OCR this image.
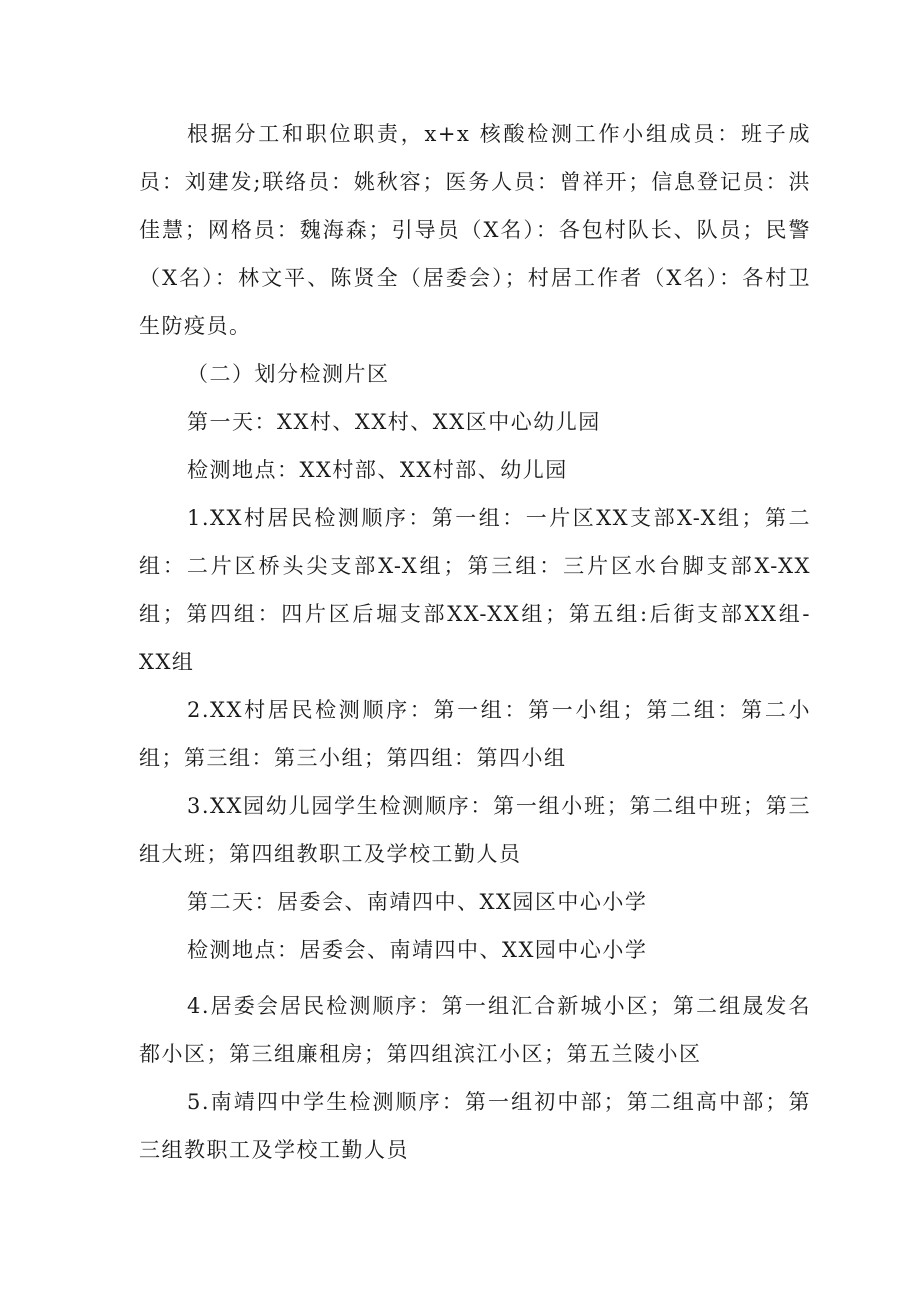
根据分工和职位职责，x+x 核酸检测工作小组成员：班子成员：刘建发;联络员：姚秋容；医务人员：曾祥开；信息登记员：洪佳慧；网格员：魏海森；引导员（X名）：各包村队长、队员；民警（X名）：林文平、陈贤全（居委会）；村居工作者（X名）：各村卫生防疫员。

（二）划分检测片区

第一天：XX村、XX村、XX区中心幼儿园

检测地点：XX村部、XX村部、幼儿园

1.XX村居民检测顺序：第一组：一片区XX支部X-X组；第二组：二片区桥头尖支部X-X组；第三组：三片区水台脚支部X-XX组；第四组：四片区后堀支部XX-XX组；第五组:后街支部XX组-XX组

2.XX村居民检测顺序：第一组：第一小组；第二组：第二小组；第三组：第三小组；第四组：第四小组

3.XX园幼儿园学生检测顺序：第一组小班；第二组中班；第三组大班；第四组教职工及学校工勤人员

第二天：居委会、南靖四中、XX园区中心小学

检测地点：居委会、南靖四中、XX园中心小学

4.居委会居民检测顺序：第一组汇合新城小区；第二组晟发名都小区；第三组廉租房；第四组滨江小区；第五兰陵小区

5.南靖四中学生检测顺序：第一组初中部；第二组高中部；第三组教职工及学校工勤人员
